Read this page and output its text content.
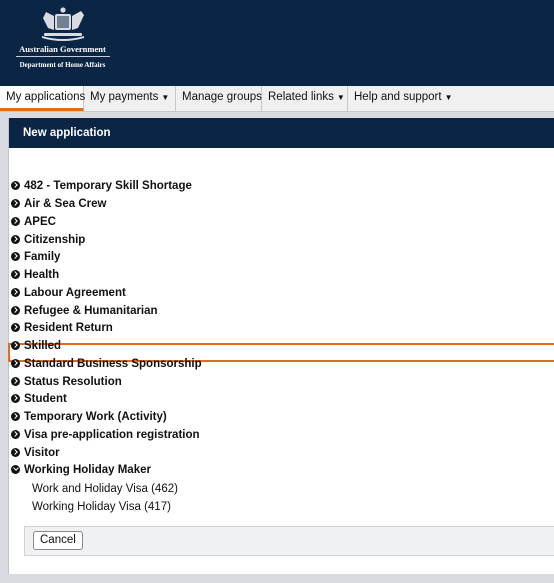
Australian Government
Department of Home Affairs
My applications My payments ▼	Manage groups Related links ▼ Help and support ▼
New application
482 - Temporary Skill Shortage
Air & Sea Crew
APEC
Citizenship
Family
Health
Labour Agreement
Refugee & Humanitarian
Resident Return
Skilled
Standard Business Sponsorship
Status Resolution
Student
Temporary Work (Activity)
Visa pre-application registration
Visitor
Working Holiday Maker
Work and Holiday Visa (462)
Working Holiday Visa (417)
Cancel
